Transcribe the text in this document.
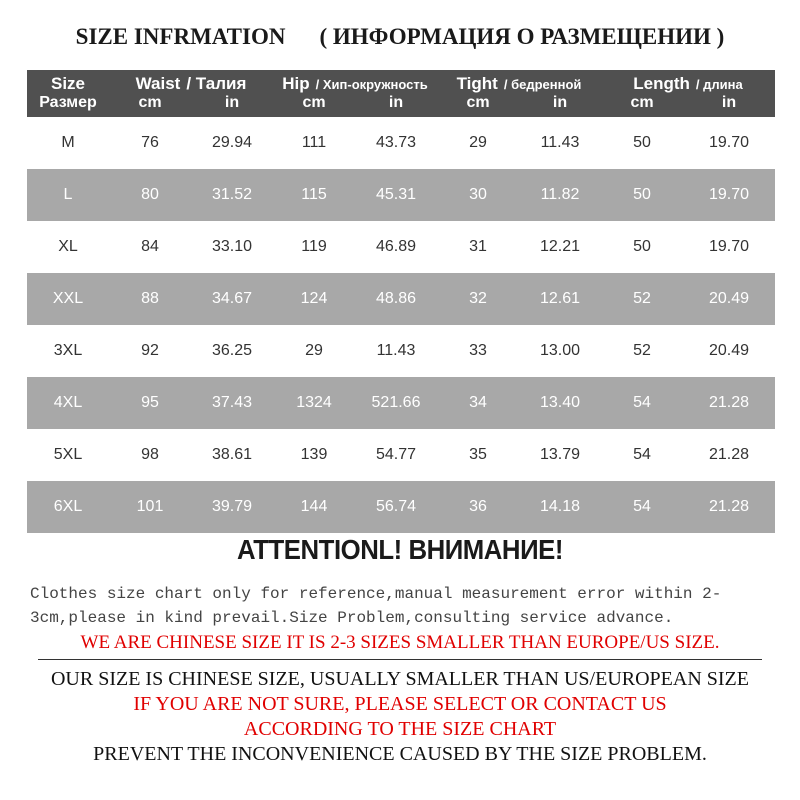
SIZE INFRMATION ( ИНФОРМАЦИЯ О РАЗМЕЩЕНИИ )
Size	Waist / Талия		Hip / Хип-окружность		Tight / бедренной		Length / длина	

Размер	cm	in	cm	in	cm	in	cm	in
M	76	29.94	111	43.73	29	11.43	50	19.70
L	80	31.52	115	45.31	30	11.82	50	19.70
XL	84	33.10	119	46.89	31	12.21	50	19.70
XXL	88	34.67	124	48.86	32	12.61	52	20.49
3XL	92	36.25	29	11.43	33	13.00	52	20.49
4XL	95	37.43	1324	521.66	34	13.40	54	21.28
5XL	98	38.61	139	54.77	35	13.79	54	21.28
6XL	101	39.79	144	56.74	36	14.18	54	21.28
ATTENTIONL! ВНИМАНИЕ!
Clothes size chart only for reference,manual measurement error within 2-3cm,please in kind prevail.Size Problem,consulting service advance.
WE ARE CHINESE SIZE IT IS 2-3 SIZES SMALLER THAN EUROPE/US SIZE.
OUR SIZE IS CHINESE SIZE, USUALLY SMALLER THAN US/EUROPEAN SIZE
IF YOU ARE NOT SURE, PLEASE SELECT OR CONTACT US
ACCORDING TO THE SIZE CHART
PREVENT THE INCONVENIENCE CAUSED BY THE SIZE PROBLEM.
